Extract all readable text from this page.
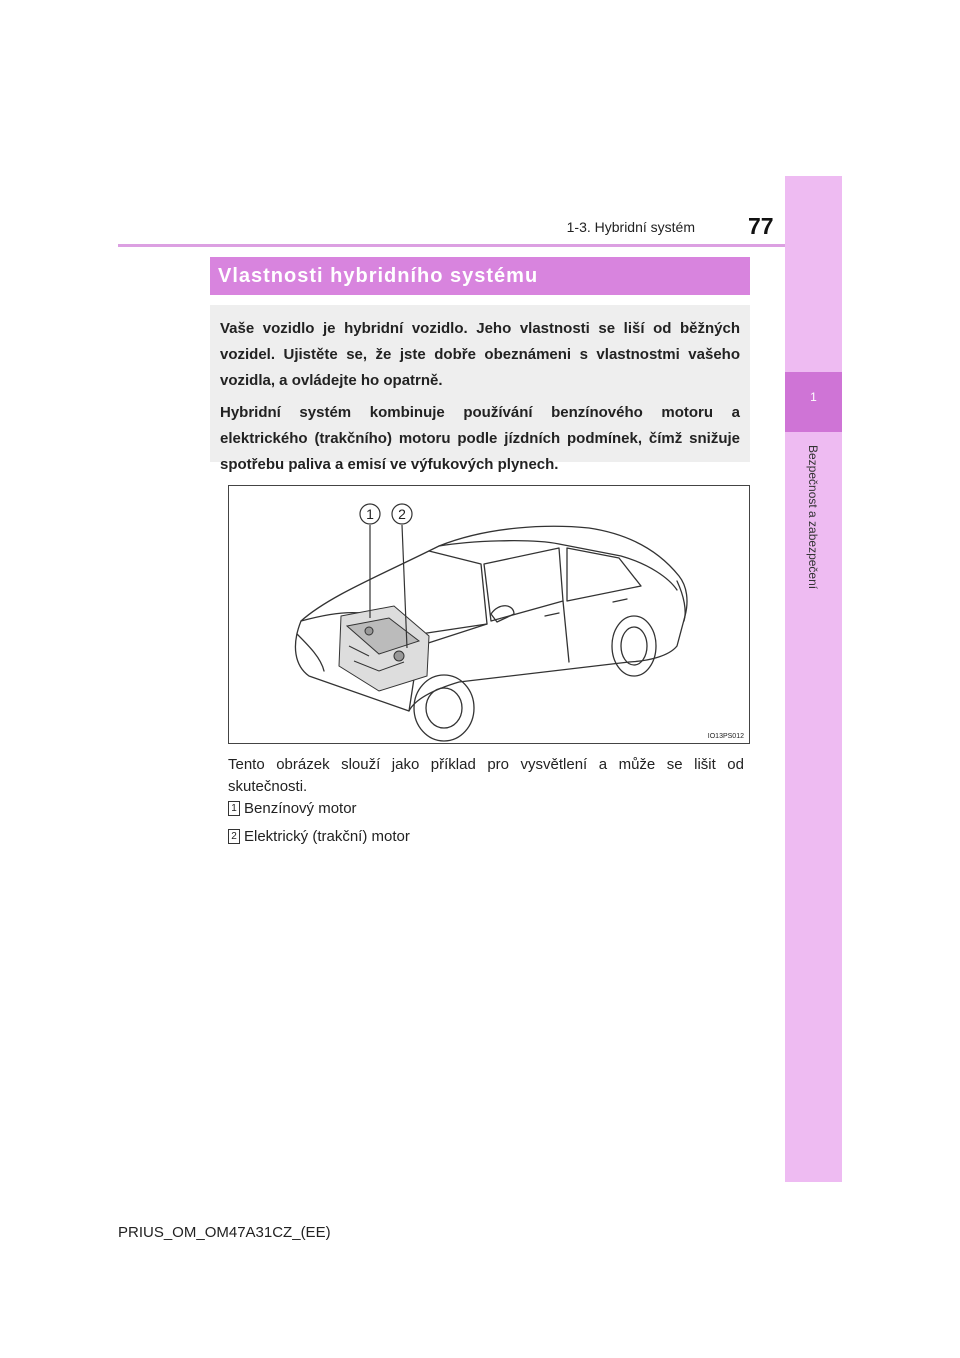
1
Bezpečnost a zabezpečení
1-3. Hybridní systém 77
Vlastnosti hybridního systému

Vaše vozidlo je hybridní vozidlo. Jeho vlastnosti se liší od běžných vozidel. Ujistěte se, že jste dobře obeznámeni s vlastnostmi vašeho vozidla, a ovládejte ho opatrně.

Hybridní systém kombinuje používání benzínového motoru a elektrického (trakčního) motoru podle jízdních podmínek, čímž snižuje spotřebu paliva a emisí ve výfukových plynech.

1 2
IO13PS012
Tento obrázek slouží jako příklad pro vysvětlení a může se lišit od skutečnosti.
1 Benzínový motor
2 Elektrický (trakční) motor
PRIUS_OM_OM47A31CZ_(EE)
